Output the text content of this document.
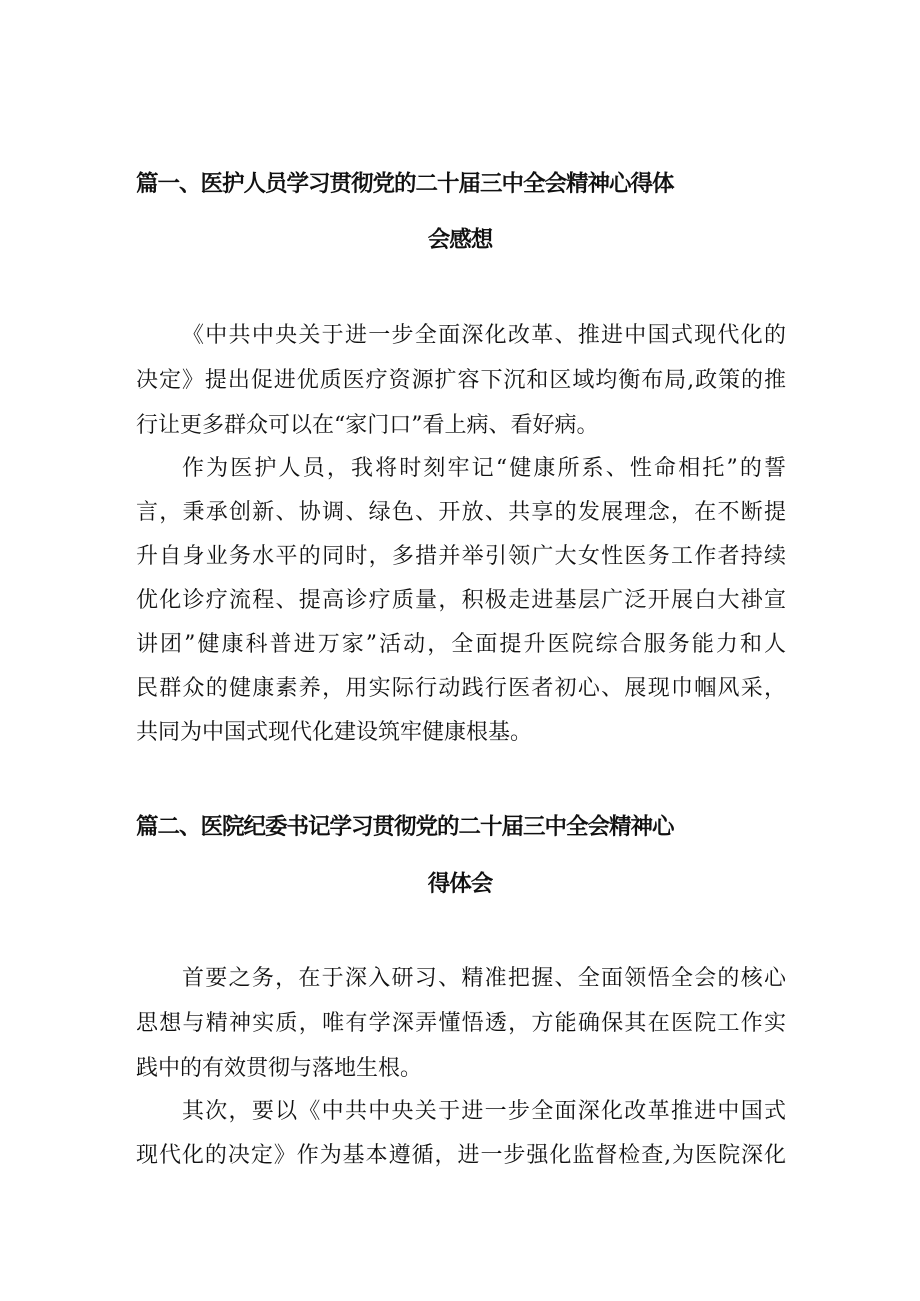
篇一、医护人员学习贯彻党的二十届三中全会精神心得体
会感想

《中共中央关于进一步全面深化改革、推进中国式现代化的

决定》提出促进优质医疗资源扩容下沉和区域均衡布局,政策的推

行让更多群众可以在“家门口”看上病、看好病。

作为医护人员，我将时刻牢记“健康所系、性命相托”的誓

言，秉承创新、协调、绿色、开放、共享的发展理念，在不断提

升自身业务水平的同时，多措并举引领广大女性医务工作者持续

优化诊疗流程、提高诊疗质量，积极走进基层广泛开展白大褂宣

讲团”健康科普进万家”活动，全面提升医院综合服务能力和人

民群众的健康素养，用实际行动践行医者初心、展现巾帼风采，

共同为中国式现代化建设筑牢健康根基。

篇二、医院纪委书记学习贯彻党的二十届三中全会精神心
得体会

首要之务，在于深入研习、精准把握、全面领悟全会的核心

思想与精神实质，唯有学深弄懂悟透，方能确保其在医院工作实

践中的有效贯彻与落地生根。

其次，要以《中共中央关于进一步全面深化改革推进中国式

现代化的决定》作为基本遵循，进一步强化监督检查,为医院深化
